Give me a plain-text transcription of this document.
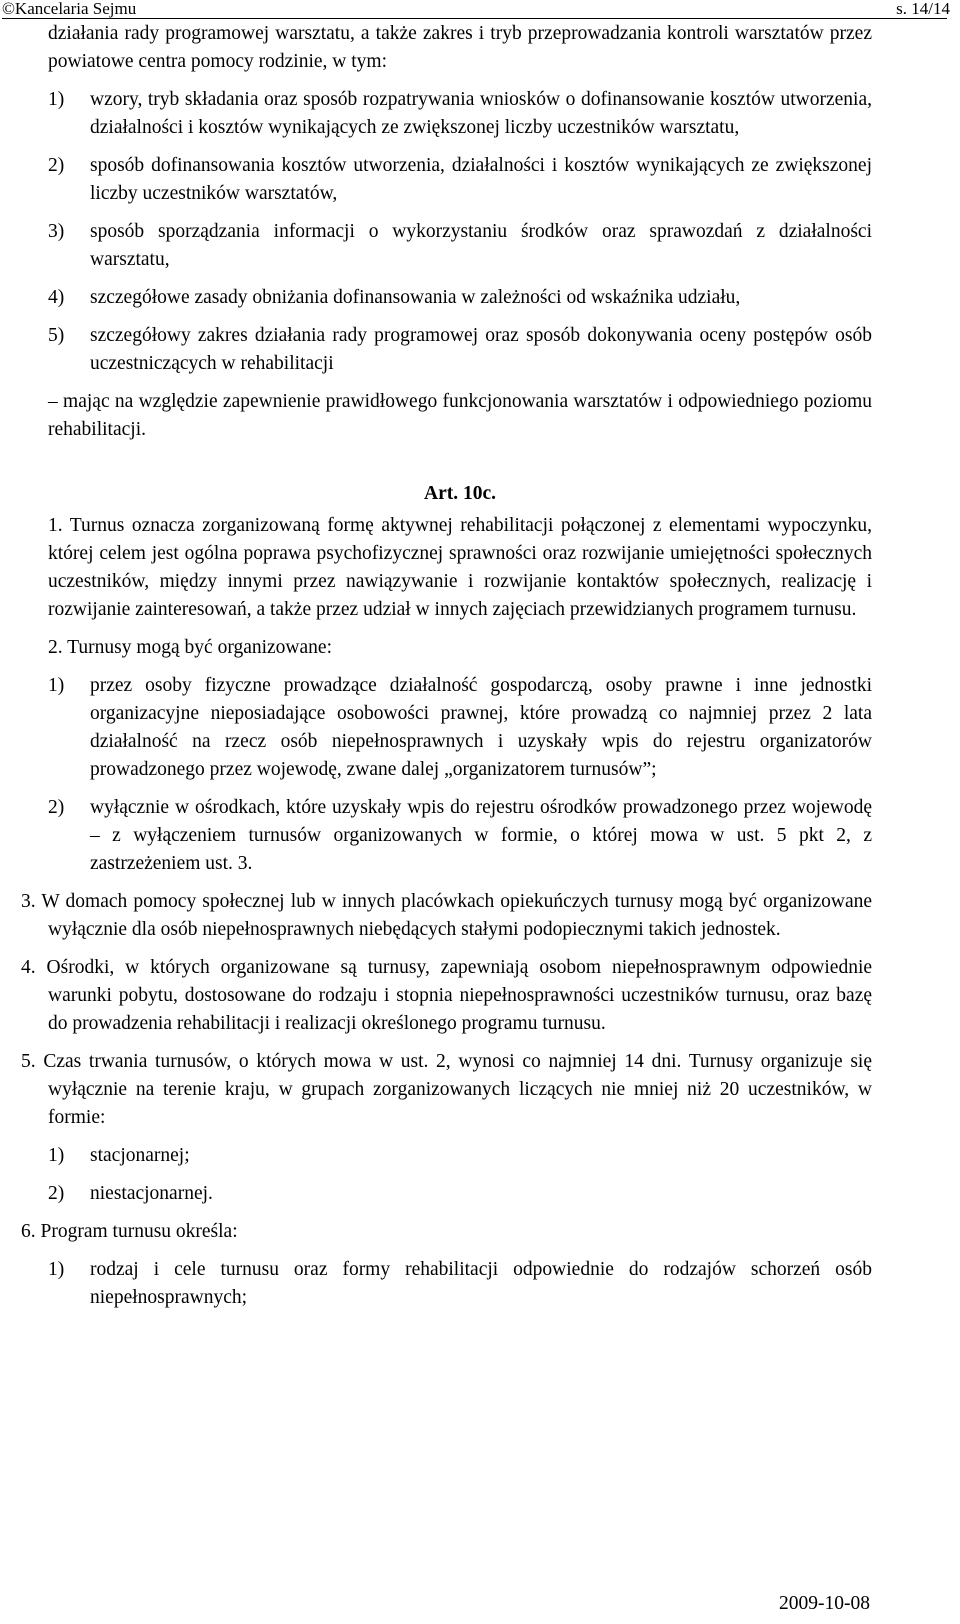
©Kancelaria Sejmu	s. 14/14

działania rady programowej warsztatu, a także zakres i tryb przeprowadzania kontroli warsztatów przez powiatowe centra pomocy rodzinie, w tym:

1) wzory, tryb składania oraz sposób rozpatrywania wniosków o dofinansowanie kosztów utworzenia, działalności i kosztów wynikających ze zwiększonej liczby uczestników warsztatu,
2) sposób dofinansowania kosztów utworzenia, działalności i kosztów wynikających ze zwiększonej liczby uczestników warsztatów,
3) sposób sporządzania informacji o wykorzystaniu środków oraz sprawozdań z działalności warsztatu,
4) szczegółowe zasady obniżania dofinansowania w zależności od wskaźnika udziału,
5) szczegółowy zakres działania rady programowej oraz sposób dokonywania oceny postępów osób uczestniczących w rehabilitacji

– mając na względzie zapewnienie prawidłowego funkcjonowania warsztatów i odpowiedniego poziomu rehabilitacji.

Art. 10c.

1. Turnus oznacza zorganizowaną formę aktywnej rehabilitacji połączonej z elementami wypoczynku, której celem jest ogólna poprawa psychofizycznej sprawności oraz rozwijanie umiejętności społecznych uczestników, między innymi przez nawiązywanie i rozwijanie kontaktów społecznych, realizację i rozwijanie zainteresowań, a także przez udział w innych zajęciach przewidzianych programem turnusu.
2. Turnusy mogą być organizowane:
1) przez osoby fizyczne prowadzące działalność gospodarczą, osoby prawne i inne jednostki organizacyjne nieposiadające osobowości prawnej, które prowadzą co najmniej przez 2 lata działalność na rzecz osób niepełnosprawnych i uzyskały wpis do rejestru organizatorów prowadzonego przez wojewodę, zwane dalej „organizatorem turnusów”;
2) wyłącznie w ośrodkach, które uzyskały wpis do rejestru ośrodków prowadzonego przez wojewodę – z wyłączeniem turnusów organizowanych w formie, o której mowa w ust. 5 pkt 2, z zastrzeżeniem ust. 3.
3. W domach pomocy społecznej lub w innych placówkach opiekuńczych turnusy mogą być organizowane wyłącznie dla osób niepełnosprawnych niebędących stałymi podopiecznymi takich jednostek.
4. Ośrodki, w których organizowane są turnusy, zapewniają osobom niepełnosprawnym odpowiednie warunki pobytu, dostosowane do rodzaju i stopnia niepełnosprawności uczestników turnusu, oraz bazę do prowadzenia rehabilitacji i realizacji określonego programu turnusu.
5. Czas trwania turnusów, o których mowa w ust. 2, wynosi co najmniej 14 dni. Turnusy organizuje się wyłącznie na terenie kraju, w grupach zorganizowanych liczących nie mniej niż 20 uczestników, w formie:
1) stacjonarnej;
2) niestacjonarnej.
6. Program turnusu określa:
1) rodzaj i cele turnusu oraz formy rehabilitacji odpowiednie do rodzajów schorzeń osób niepełnosprawnych;
2009-10-08
